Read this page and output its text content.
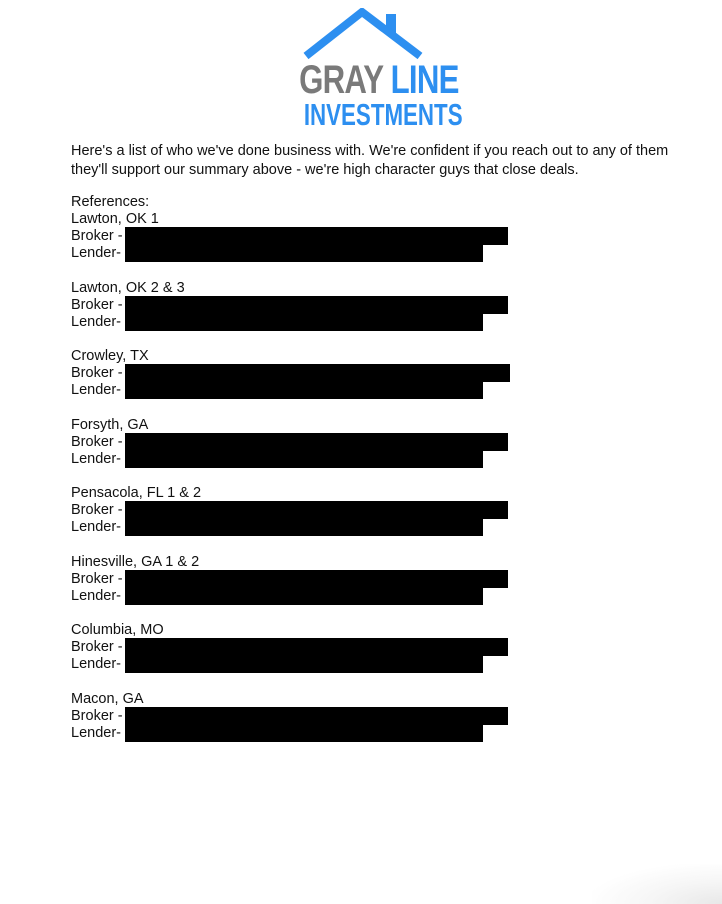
GRAY LINE
INVESTMENTS
Here's a list of who we've done business with. We're confident if you reach out to any of them they'll support our summary above - we're high character guys that close deals.
References:
Lawton, OK 1
Broker -
Lender-
Lawton, OK 2 & 3
Broker -
Lender-
Crowley, TX
Broker -
Lender-
Forsyth, GA
Broker -
Lender-
Pensacola, FL 1 & 2
Broker -
Lender-
Hinesville, GA 1 & 2
Broker -
Lender-
Columbia, MO
Broker -
Lender-
Macon, GA
Broker -
Lender-
